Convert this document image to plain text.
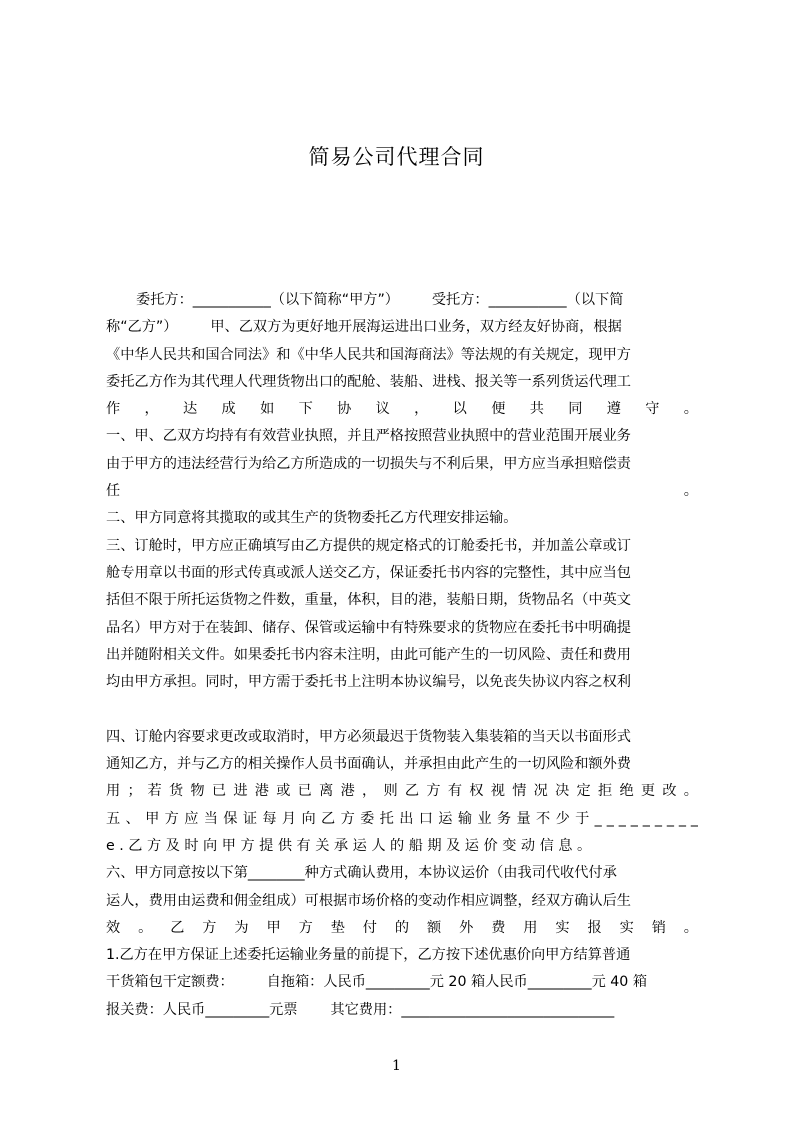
简易公司代理合同
委托方：___________（以下简称“甲方”） 　　受托方：___________（以下简
称“乙方”） 　　甲、乙双方为更好地开展海运进出口业务，双方经友好协商，根据
《中华人民共和国合同法》和《中华人民共和国海商法》等法规的有关规定，现甲方
委托乙方作为其代理人代理货物出口的配舱、装船、进栈、报关等一系列货运代理工
作 ， 达 成 如 下 协 议 ， 以 便 共 同 遵 守 。
一、甲、乙双方均持有有效营业执照，并且严格按照营业执照中的营业范围开展业务
由于甲方的违法经营行为给乙方所造成的一切损失与不利后果，甲方应当承担赔偿责
任 。
二、甲方同意将其揽取的或其生产的货物委托乙方代理安排运输。
三、订舱时，甲方应正确填写由乙方提供的规定格式的订舱委托书，并加盖公章或订
舱专用章以书面的形式传真或派人送交乙方，保证委托书内容的完整性，其中应当包
括但不限于所托运货物之件数，重量，体积，目的港，装船日期，货物品名（中英文
品名）甲方对于在装卸、储存、保管或运输中有特殊要求的货物应在委托书中明确提
出并随附相关文件。如果委托书内容未注明，由此可能产生的一切风险、责任和费用
均由甲方承担。同时，甲方需于委托书上注明本协议编号，以免丧失协议内容之权利
四、订舱内容要求更改或取消时，甲方必须最迟于货物装入集装箱的当天以书面形式
通知乙方，并与乙方的相关操作人员书面确认，并承担由此产生的一切风险和额外费
用 ； 若 货 物 已 进 港 或 已 离 港 ， 则 乙 方 有 权 视 情 况 决 定 拒 绝 更 改 。
五 、 甲 方 应 当 保 证 每 月 向 乙 方 委 托 出 口 运 输 业 务 量 不 少 于 _ _ _ _ _ _ _ _ _
e . 乙 方 及 时 向 甲 方 提 供 有 关 承 运 人 的 船 期 及 运 价 变 动 信 息 。
六、甲方同意按以下第________种方式确认费用，本协议运价（由我司代收代付承
运人，费用由运费和佣金组成）可根据市场价格的变动作相应调整，经双方确认后生
效 。 乙 方 为 甲 方 垫 付 的 额 外 费 用 实 报 实 销 。
1.乙方在甲方保证上述委托运输业务量的前提下，乙方按下述优惠价向甲方结算普通
干货箱包干定额费： 　　自拖箱：人民币_________元 20 箱人民币_________元 40 箱
报关费：人民币_________元票 　　其它费用：______________________________
1
